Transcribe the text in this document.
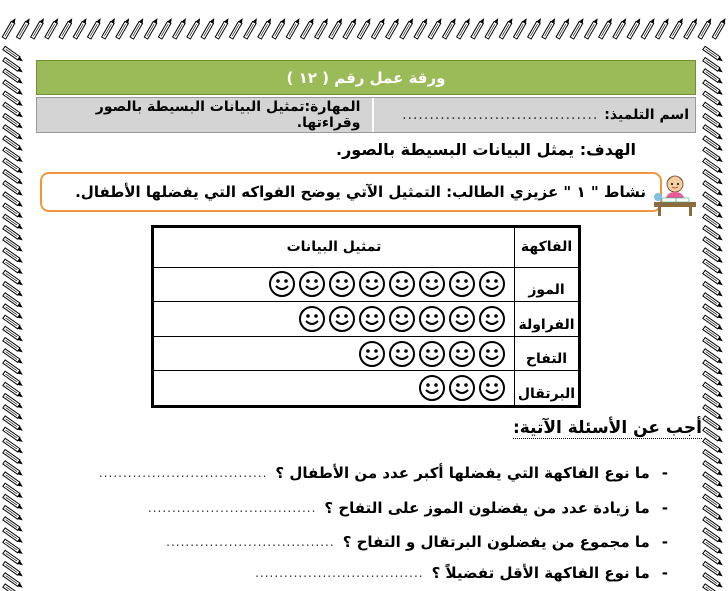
ورقة عمل رقم ( ١٢ )
اسم التلميذ:
....................................
المهارة:تمثيل البيانات البسيطة بالصور وقراءتها.
الهدف: يمثل البيانات البسيطة بالصور.
نشاط " ١ " عزيزي الطالب: التمثيل الآتي يوضح الفواكه التي يفضلها الأطفال.
الفاكهة	تمثيل البيانات
الموز	
الفراولة	
التفاح	
البرتقال	
أجب عن الأسئلة الآتية:
-
ما نوع الفاكهة التي يفضلها أكبر عدد من الأطفال ؟
...................................
-
ما زيادة عدد من يفضلون الموز على التفاح ؟
...................................
-
ما مجموع من يفضلون البرتقال و التفاح ؟
...................................
-
ما نوع الفاكهة الأقل تفضيلاً ؟
...................................
